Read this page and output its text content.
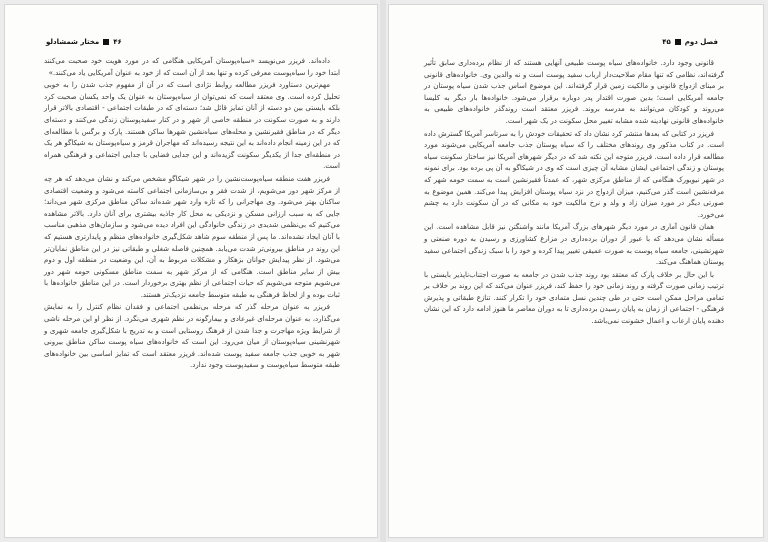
۴۶
مختار شمشادلو

داده‌اند. فریزر می‌نویسد «سیاه‌پوستان آمریکایی هنگامی که در مورد هویت خود صحبت می‌کنند ابتدا خود را سیاه‌پوست معرفی کرده و تنها بعد از آن است که از خود به عنوان آمریکایی یاد می‌کنند.»

مهم‌ترین دستاورد فریزر مطالعه روابط نژادی است که در آن از مفهوم جذب شدن را به خوبی تحلیل کرده است. وی معتقد است که نمی‌توان از سیاه‌پوستان به عنوان یک واحد یکسان صحبت کرد بلکه بایستی بین دو دسته از آنان تمایز قائل شد؛ دسته‌ای که در طبقات اجتماعی - اقتصادی بالاتر قرار دارند و به صورت سکونت در منطقه خاصی از شهر و در کنار سفیدپوستان زندگی می‌کنند و دسته‌ای دیگر که در مناطق فقیرنشین و محله‌های سیاه‌نشین شهرها ساکن هستند. پارک و برگس با مطالعه‌ای که در این زمینه انجام داده‌اند به این نتیجه رسیده‌اند که مهاجران قرمز و سیاه‌پوستان به شیکاگو هر یک در منطقه‌ای جدا از یکدیگر سکونت گزیده‌اند و این جدایی فضایی با جدایی اجتماعی و فرهنگی همراه است.

فریزر هفت منطقه سیاه‌پوست‌نشین را در شهر شیکاگو مشخص می‌کند و نشان می‌دهد که هر چه از مرکز شهر دور می‌شویم، از شدت فقر و بی‌سازمانی اجتماعی کاسته می‌شود و وضعیت اقتصادی ساکنان بهتر می‌شود. وی مهاجرانی را که تازه وارد شهر شده‌اند ساکن مناطق مرکزی شهر می‌داند؛ جایی که به سبب ارزانی مسکن و نزدیکی به محل کار جاذبه بیشتری برای آنان دارد. بالاتر مشاهده می‌کنیم که بی‌نظمی شدیدی در زندگی خانوادگی این افراد دیده می‌شود و سازمان‌های مذهبی مناسب با آنان ایجاد نشده‌اند. ما پس از منطقه سوم شاهد شکل‌گیری خانواده‌های منظم و پایدارتری هستیم که این روند در مناطق بیرونی‌تر شدت می‌یابد. همچنین فاصله شغلی و طبقاتی نیز در این مناطق نمایان‌تر می‌شود. از نظر پیدایش جوانان بزهکار و مشکلات مربوط به آن، این وضعیت در منطقه اول و دوم بیش از سایر مناطق است. هنگامی که از مرکز شهر به سمت مناطق مسکونی حومه شهر دور می‌شویم متوجه می‌شویم که حیات اجتماعی از نظم بهتری برخوردار است. در این مناطق خانواده‌ها با ثبات بوده و از لحاظ فرهنگی به طبقه متوسط جامعه نزدیک‌تر هستند.

فریزر به عنوان مرحله گذر که مرحله بی‌نظمی اجتماعی و فقدان نظام کنترل را به نمایش می‌گذارد، به عنوان مرحله‌ای غیرعادی و بیمارگونه در نظم شهری می‌نگرد. از نظر او این مرحله ناشی از شرایط ویژه مهاجرت و جدا شدن از فرهنگ روستایی است و به تدریج با شکل‌گیری جامعه شهری و شهرنشینی سیاه‌پوستان از میان می‌رود. این است که خانواده‌های سیاه پوست ساکن مناطق بیرونی شهر به خوبی جذب جامعه سفید پوست شده‌اند. فریزر معتقد است که تمایز اساسی بین خانواده‌های طبقه متوسط سیاه‌پوست و سفیدپوست وجود ندارد.

فصل دوم
۴۵

قانونی وجود دارد. خانواده‌های سیاه پوست طبیعی آنهایی هستند که از نظام برده‌داری سابق تأثیر گرفته‌اند، نظامی که تنها مقام صلاحیت‌دار ارباب سفید پوست است و نه والدین وی. خانواده‌های قانونی بر مبنای ازدواج قانونی و مالکیت زمین قرار گرفته‌اند. این موضوع اساس جذب شدن سیاه پوستان در جامعه آمریکایی است؛ بدین صورت اقتدار پدر دوباره برقرار می‌شود. خانواده‌ها بار دیگر به کلیسا می‌روند و کودکان می‌توانند به مدرسه بروند. فریزر معتقد است روندگذر خانواده‌های طبیعی به خانواده‌های قانونی نهادینه شده مشابه تغییر محل سکونت در یک شهر است.

فریزر در کتابی که بعدها منتشر کرد نشان داد که تحقیقات خودش را به سرتاسر آمریکا گسترش داده است. در کتاب مذکور وی روندهای مختلف را که سیاه پوستان جذب جامعه آمریکایی می‌شوند مورد مطالعه قرار داده است. فریزر متوجه این نکته شد که در دیگر شهرهای آمریکا نیز ساختار سکونت سیاه پوستان و زندگی اجتماعی ایشان مشابه آن چیزی است که وی در شیکاگو به آن پی برده بود. برای نمونه در شهر نیویورک هنگامی که از مناطق مرکزی شهر، که عمدتاً فقیرنشین است به سمت حومه شهر که مرفه‌نشین است گذر می‌کنیم، میزان ازدواج در نزد سیاه پوستان افزایش پیدا می‌کند. همین موضوع به صورتی دیگر در مورد میزان زاد و ولد و نرخ مالکیت خود به مکانی که در آن سکونت دارد به چشم می‌خورد.

همان قانون آماری در مورد دیگر شهرهای بزرگ آمریکا مانند واشنگتن نیز قابل مشاهده است. این مسأله نشان می‌دهد که با عبور از دوران برده‌داری در مزارع کشاورزی و رسیدن به دوره صنعتی و شهرنشینی، جامعه سیاه پوست به صورت عمیقی تغییر پیدا کرده و خود را با سبک زندگی اجتماعی سفید پوستان هماهنگ می‌کند.

با این حال بر خلاف پارک که معتقد بود روند جذب شدن در جامعه به صورت اجتناب‌ناپذیر بایستی با ترتیب زمانی صورت گرفته و روند زمانی خود را حفظ کند، فریزر عنوان می‌کند که این روند بر خلاف بر تمامی مراحل ممکن است حتی در طی چندین نسل متمادی خود را تکرار کنند. تنازع طبقاتی و پذیرش فرهنگی - اجتماعی از زمان به پایان رسیدن برده‌داری تا به دوران معاصر ما هنوز ادامه دارد که این نشان دهنده پایان ارعاب و اعمال خشونت نمی‌باشد.
